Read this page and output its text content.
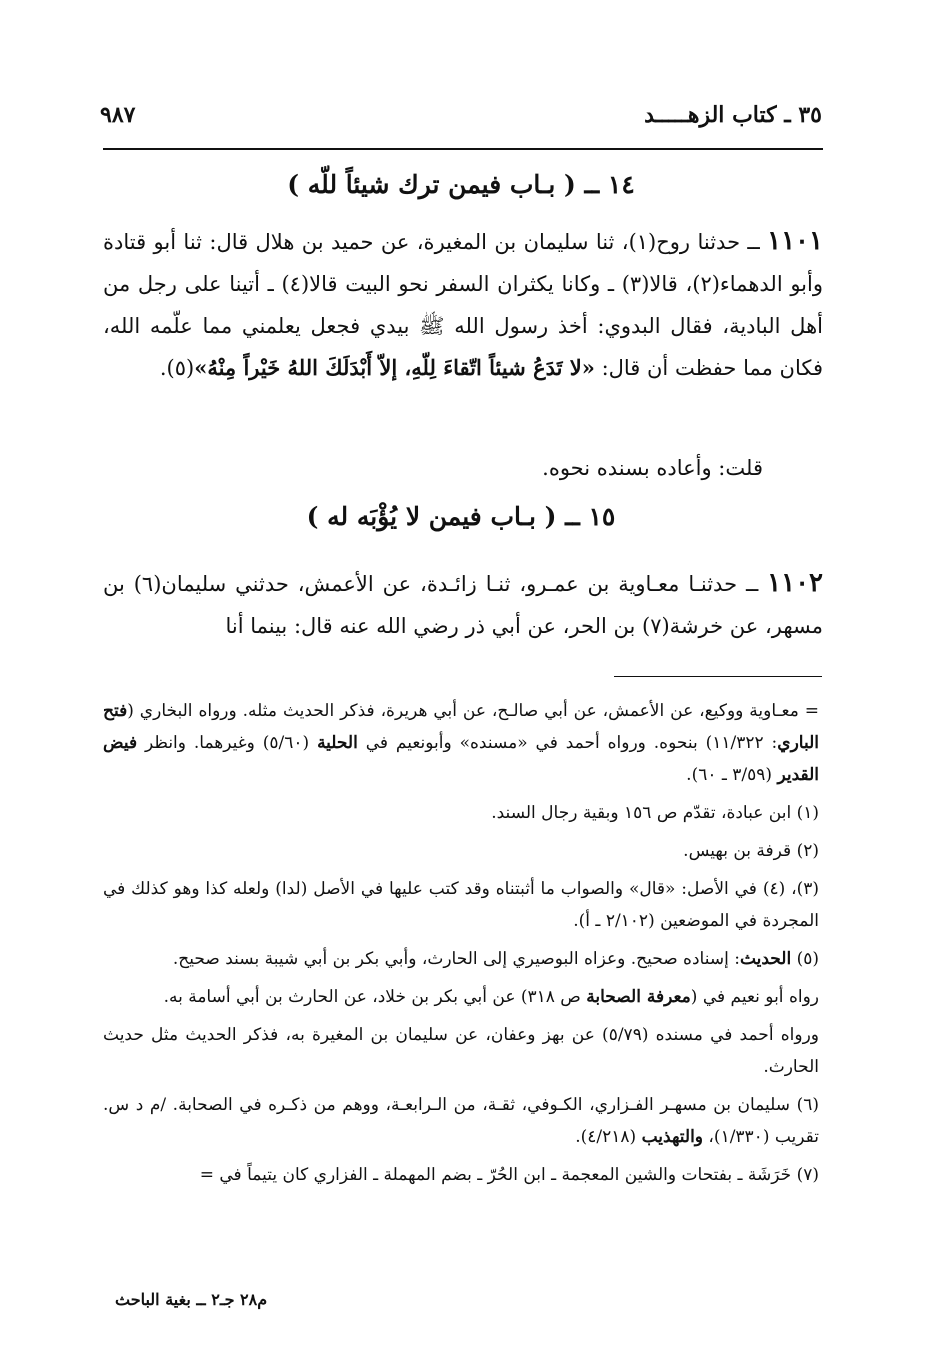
٣٥ ـ كتاب الزهـــــد
٩٨٧
١٤ ــ ( بـاب فيمن ترك شيئاً للّه )
١١٠١ ــ حدثنا روح(١)، ثنا سليمان بن المغيرة، عن حميد بن هلال قال: ثنا أبو قتادة وأبو الدهماء(٢)، قالا(٣) ـ وكانا يكثران السفر نحو البيت قالا(٤) ـ أتينا على رجل من أهل البادية، فقال البدوي: أخذ رسول الله ﷺ بيدي فجعل يعلمني مما علّمه الله، فكان مما حفظت أن قال: «لا تَدَعُ شيئاً اتّقاءَ لِلّهِ، إلاّ أَبْدَلَكَ اللهُ خَيْراً مِنْهُ»(٥).
قلت: وأعاده بسنده نحوه.
١٥ ــ ( بـاب فيمن لا يُؤْبَه له )
١١٠٢ ــ حدثنـا معـاوية بن عمـرو، ثنـا زائـدة، عن الأعمش، حدثني سليمان(٦) بن مسهر، عن خرشة(٧) بن الحر، عن أبي ذر رضي الله عنه قال: بينما أنا

= معـاوية ووكيع، عن الأعمش، عن أبي صالـح، عن أبي هريرة، فذكر الحديث مثله. ورواه البخاري (فتح الباري: ١١/٣٢٢) بنحوه. ورواه أحمد في «مسنده» وأبونعيم في الحلية (٥/٦٠) وغيرهما. وانظر فيض القدير (٣/٥٩ ـ ٦٠).

(١) ابن عبادة، تقدّم ص ١٥٦ وبقية رجال السند.

(٢) قرفة بن بهيس.

(٣)، (٤) في الأصل: «قال» والصواب ما أثبتناه وقد كتب عليها في الأصل (لدا) ولعله كذا وهو كذلك في المجردة في الموضعين (٢/١٠٢ ـ أ).

(٥) الحديث: إسناده صحيح. وعزاه البوصيري إلى الحارث، وأبي بكر بن أبي شيبة بسند صحيح.

رواه أبو نعيم في (معرفة الصحابة ص ٣١٨) عن أبي بكر بن خلاد، عن الحارث بن أبي أسامة به.

ورواه أحمد في مسنده (٥/٧٩) عن بهز وعفان، عن سليمان بن المغيرة به، فذكر الحديث مثل حديث الحارث.

(٦) سليمان بن مسهـر الفـزاري، الكـوفي، ثقـة، من الـرابعـة، ووهم من ذكـره في الصحابة. /م د س. تقريب (١/٣٣٠)، والتهذيب (٤/٢١٨).

(٧) خَرَشَة ـ بفتحات والشين المعجمة ـ ابن الحُرّ ـ بضم المهملة ـ الفزاري كان يتيماً في =

م٢٨ جـ٢ ــ بغية الباحث
